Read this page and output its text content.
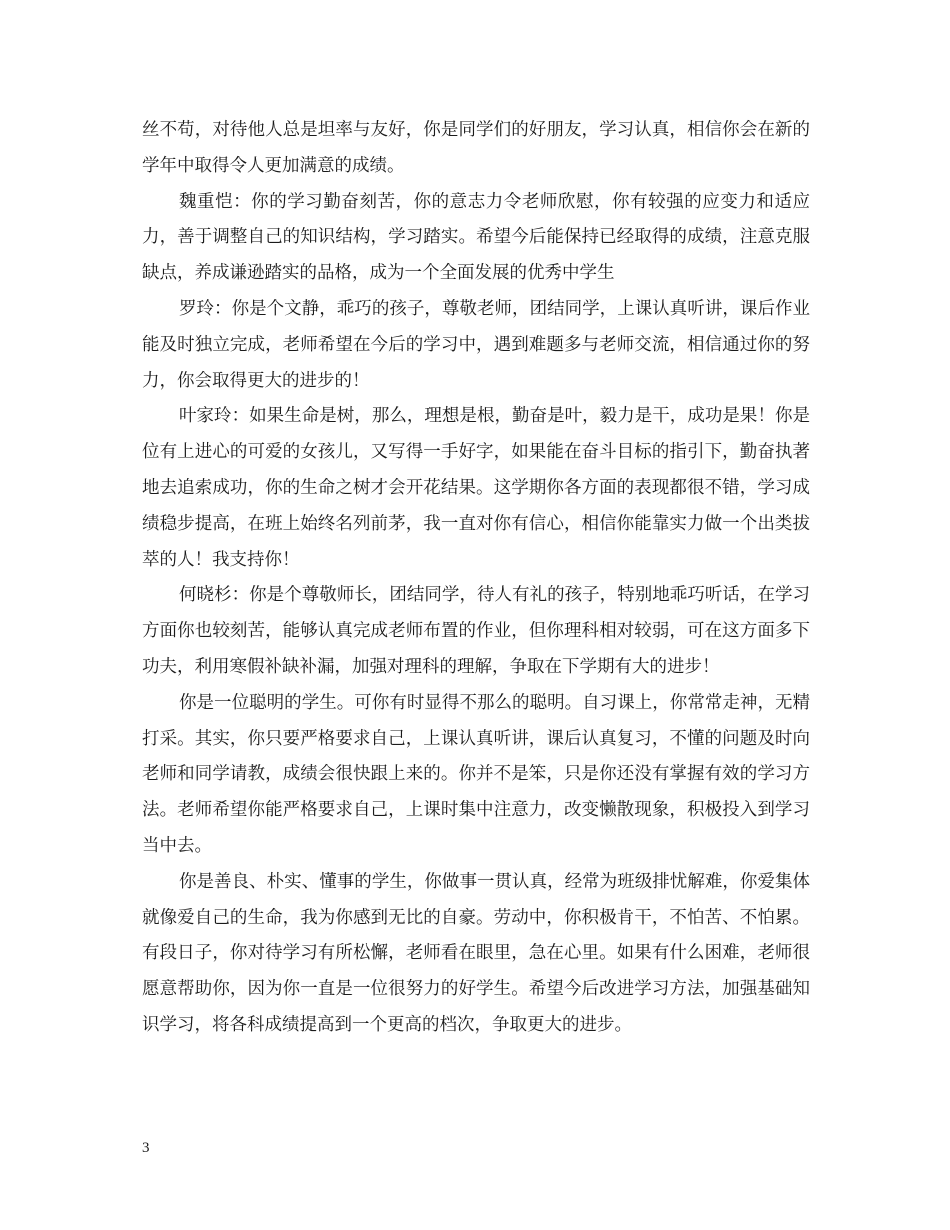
丝不苟，对待他人总是坦率与友好，你是同学们的好朋友，学习认真，相信你会在新的学年中取得令人更加满意的成绩。

魏重恺：你的学习勤奋刻苦，你的意志力令老师欣慰，你有较强的应变力和适应力，善于调整自己的知识结构，学习踏实。希望今后能保持已经取得的成绩，注意克服缺点，养成谦逊踏实的品格，成为一个全面发展的优秀中学生

罗玲：你是个文静，乖巧的孩子，尊敬老师，团结同学，上课认真听讲，课后作业能及时独立完成，老师希望在今后的学习中，遇到难题多与老师交流，相信通过你的努力，你会取得更大的进步的！

叶家玲：如果生命是树，那么，理想是根，勤奋是叶，毅力是干，成功是果！你是位有上进心的可爱的女孩儿，又写得一手好字，如果能在奋斗目标的指引下，勤奋执著地去追索成功，你的生命之树才会开花结果。这学期你各方面的表现都很不错，学习成绩稳步提高，在班上始终名列前茅，我一直对你有信心，相信你能靠实力做一个出类拔萃的人！我支持你！

何晓杉：你是个尊敬师长，团结同学，待人有礼的孩子，特别地乖巧听话，在学习方面你也较刻苦，能够认真完成老师布置的作业，但你理科相对较弱，可在这方面多下功夫，利用寒假补缺补漏，加强对理科的理解，争取在下学期有大的进步！

你是一位聪明的学生。可你有时显得不那么的聪明。自习课上，你常常走神，无精打采。其实，你只要严格要求自己，上课认真听讲，课后认真复习，不懂的问题及时向老师和同学请教，成绩会很快跟上来的。你并不是笨，只是你还没有掌握有效的学习方法。老师希望你能严格要求自己，上课时集中注意力，改变懒散现象，积极投入到学习当中去。

你是善良、朴实、懂事的学生，你做事一贯认真，经常为班级排忧解难，你爱集体就像爱自己的生命，我为你感到无比的自豪。劳动中，你积极肯干，不怕苦、不怕累。有段日子，你对待学习有所松懈，老师看在眼里，急在心里。如果有什么困难，老师很愿意帮助你，因为你一直是一位很努力的好学生。希望今后改进学习方法，加强基础知识学习，将各科成绩提高到一个更高的档次，争取更大的进步。

3
